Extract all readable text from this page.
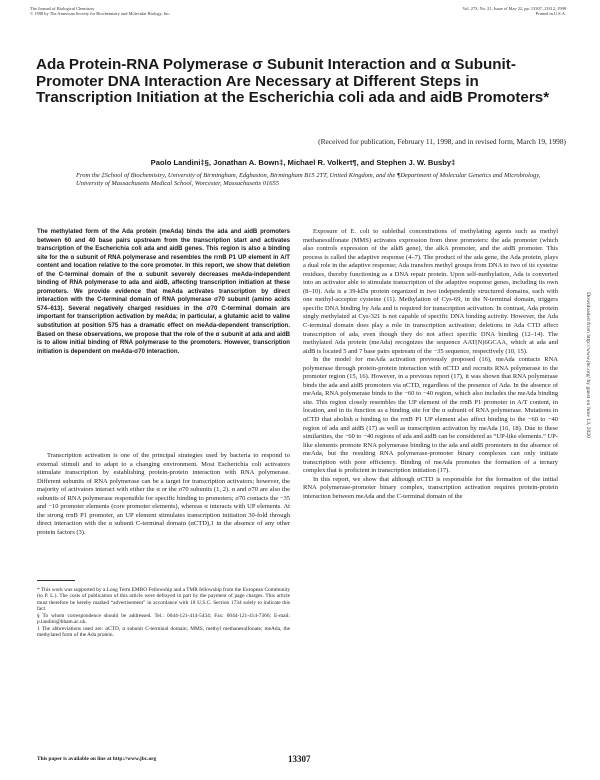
The Journal of Biological Chemistry
© 1998 by The American Society for Biochemistry and Molecular Biology, Inc.
Vol. 273, No. 21, Issue of May 22, pp. 13307–13312, 1998
Printed in U.S.A.
Ada Protein-RNA Polymerase σ Subunit Interaction and α Subunit-Promoter DNA Interaction Are Necessary at Different Steps in Transcription Initiation at the Escherichia coli ada and aidB Promoters*
(Received for publication, February 11, 1998, and in revised form, March 19, 1998)
Paolo Landini‡§, Jonathan A. Bown‡, Michael R. Volkert¶, and Stephen J. W. Busby‡
From the ‡School of Biochemistry, University of Birmingham, Edgbaston, Birmingham B15 2TT, United Kingdom, and the ¶Department of Molecular Genetics and Microbiology, University of Massachusetts Medical School, Worcester, Massachusetts 01655
The methylated form of the Ada protein (meAda) binds the ada and aidB promoters between 60 and 40 base pairs upstream from the transcription start and activates transcription of the Escherichia coli ada and aidB genes. This region is also a binding site for the α subunit of RNA polymerase and resembles the rrnB P1 UP element in A/T content and location relative to the core promoter. In this report, we show that deletion of the C-terminal domain of the α subunit severely decreases meAda-independent binding of RNA polymerase to ada and aidB, affecting transcription initiation at these promoters. We provide evidence that meAda activates transcription by direct interaction with the C-terminal domain of RNA polymerase σ70 subunit (amino acids 574–613). Several negatively charged residues in the σ70 C-terminal domain are important for transcription activation by meAda; in particular, a glutamic acid to valine substitution at position 575 has a dramatic effect on meAda-dependent transcription. Based on these observations, we propose that the role of the α subunit at ada and aidB is to allow initial binding of RNA polymerase to the promoters. However, transcription initiation is dependent on meAda-σ70 interaction.
Transcription activation is one of the principal strategies used by bacteria to respond to external stimuli and to adapt to a changing environment. Most Escherichia coli activators stimulate transcription by establishing protein-protein interaction with RNA polymerase. Different subunits of RNA polymerase can be a target for transcription activators; however, the majority of activators interact with either the α or the σ70 subunits (1, 2). α and σ70 are also the subunits of RNA polymerase responsible for specific binding to promoters; σ70 contacts the −35 and −10 promoter elements (core promoter elements), whereas α interacts with UP elements. At the strong rrnB P1 promoter, an UP element stimulates transcription initiation 30-fold through direct interaction with the α subunit C-terminal domain (αCTD),1 in the absence of any other protein factors (3).
* This work was supported by a Long Term EMBO Fellowship and a TMR fellowship from the European Community (to P. L.). The costs of publication of this article were defrayed in part by the payment of page charges. This article must therefore be hereby marked “advertisement” in accordance with 18 U.S.C. Section 1734 solely to indicate this fact.
§ To whom correspondence should be addressed. Tel.: 0044-121-414-5434; Fax: 0044-121-414-7366; E-mail: p.landini@bham.ac.uk.
1 The abbreviations used are: αCTD, α subunit C-terminal domain; MMS, methyl methanesulfonate; meAda, the methylated form of the Ada protein.
Exposure of E. coli to sublethal concentrations of methylating agents such as methyl methanesulfonate (MMS) activates expression from three promoters: the ada promoter (which also controls expression of the alkB gene), the alkA promoter, and the aidB promoter. This process is called the adaptive response (4–7). The product of the ada gene, the Ada protein, plays a dual role in the adaptive response; Ada transfers methyl groups from DNA to two of its cysteine residues, thereby functioning as a DNA repair protein. Upon self-methylation, Ada is converted into an activator able to stimulate transcription of the adaptive response genes, including its own (8–10). Ada is a 39-kDa protein organized in two independently structured domains, each with one methyl-acceptor cysteine (11). Methylation of Cys-69, in the N-terminal domain, triggers specific DNA binding by Ada and is required for transcription activation. In contrast, Ada protein singly methylated at Cys-321 is not capable of specific DNA binding activity. However, the Ada C-terminal domain does play a role in transcription activation; deletions in Ada CTD affect transcription of ada, even though they do not affect specific DNA binding (12–14). The methylated Ada protein (meAda) recognizes the sequence AAT(N)6GCAA, which at ada and aidB is located 5 and 7 base pairs upstream of the −35 sequence, respectively (10, 15).
In the model for meAda activation previously proposed (16), meAda contacts RNA polymerase through protein-protein interaction with αCTD and recruits RNA polymerase to the promoter region (15, 16). However, in a previous report (17), it was shown that RNA polymerase binds the ada and aidB promoters via αCTD, regardless of the presence of Ada. In the absence of meAda, RNA polymerase binds to the −60 to −40 region, which also includes the meAda binding site. This region closely resembles the UP element of the rrnB P1 promoter in A/T content, in location, and in its function as a binding site for the α subunit of RNA polymerase. Mutations in αCTD that abolish α binding to the rrnB P1 UP element also affect binding to the −60 to −40 region of ada and aidB (17) as well as transcription activation by meAda (16, 18). Due to these similarities, the −60 to −40 regions of ada and aidB can be considered as “UP-like elements.” UP-like elements promote RNA polymerase binding to the ada and aidB promoters in the absence of meAda, but the resulting RNA polymerase-promoter binary complexes can only initiate transcription with poor efficiency. Binding of meAda promotes the formation of a ternary complex that is proficient in transcription initiation (17).
In this report, we show that although αCTD is responsible for the formation of the initial RNA polymerase-promoter binary complex, transcription activation requires protein-protein interaction between meAda and the C-terminal domain of the
Downloaded from http://www.jbc.org/ by guest on June 13, 2020
This paper is available on line at http://www.jbc.org	13307
